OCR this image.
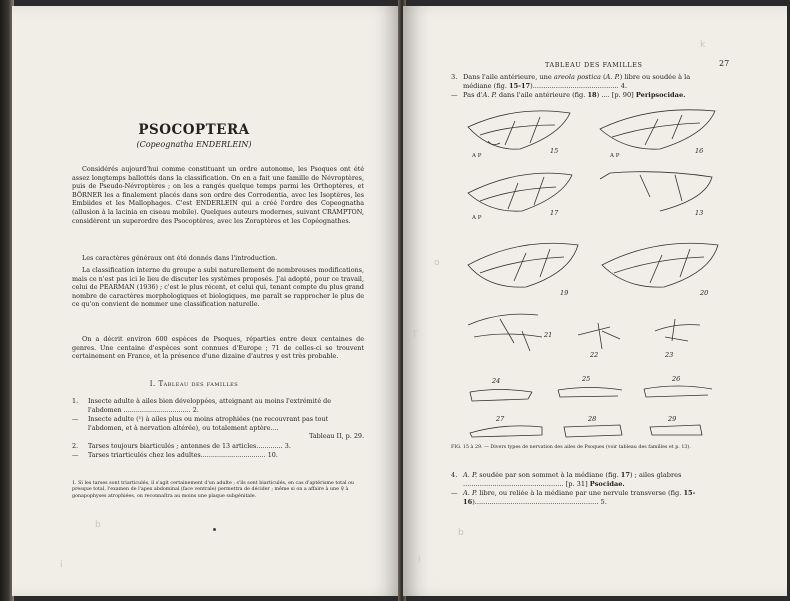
PSOCOPTERA
(Copeognatha ENDERLEIN)
Considérés aujourd'hui comme constituant un ordre autonome, les Psoques ont été assez longtemps ballottés dans la classification. On en a fait une famille de Névroptères, puis de Pseudo-Névroptères ; on les a rangés quelque temps parmi les Orthoptères, et BÖRNER les a finalement placés dans son ordre des Corrodentia, avec les Isoptères, les Embiides et les Mallophages. C'est ENDERLEIN qui a créé l'ordre des Copeognatha (allusion à la lacinia en ciseau mobile). Quelques auteurs modernes, suivant CRAMPTON, considèrent un superordre des Psocoptères, avec les Zoraptères et les Copéognathes.
Les caractères généraux ont été donnés dans l'introduction.
La classification interne du groupe a subi naturellement de nombreuses modifications, mais ce n'est pas ici le lieu de discuter les systèmes proposés. J'ai adopté, pour ce travail, celui de PEARMAN (1936) ; c'est le plus récent, et celui qui, tenant compte du plus grand nombre de caractères morphologiques et biologiques, me paraît se rapprocher le plus de ce qu'on convient de nommer une classification naturelle.
On a décrit environ 600 espèces de Psoques, réparties entre deux centaines de genres. Une centaine d'espèces sont connues d'Europe ; 71 de celles-ci se trouvent certainement en France, et la présence d'une dizaine d'autres y est très probable.
I. Tableau des familles
1.	Insecte adulte à ailes bien développées, atteignant au moins l'extrémité de l'abdomen ................................. 2.
—	Insecte adulte (¹) à ailes plus ou moins atrophiées (ne recouvrant pas tout l'abdomen, et à nervation altérée), ou totalement aptère....

Tableau II, p. 29.
2.	Tarses toujours biarticulés ; antennes de 13 articles............. 3.
—	Tarses triarticulés chez les adultes................................ 10.
1. Si les tarses sont triarticulés, il s'agit certainement d'un adulte ; s'ils sont biarticulés, en cas d'aptérisme total ou presque total, l'examen de l'apex abdominal (face ventrale) permettra de décider ; même si on a affaire à une ♀ à gonapophyses atrophiées, on reconnaîtra au moins une plaque subgénitale.
TABLEAU DES FAMILLES	27
3. Dans l'aile antérieure, une areola postica (A. P.) libre ou soudée à la médiane (fig. 15-17)......................................... 4.
— Pas d'A. P. dans l'aile antérieure (fig. 18) .... [p. 90] Peripsocidae.
15	16
17	13
19	20
21
22	23
24	25	26
27	28	29
A P	A P
A P
FIG. 15 à 29. — Divers types de nervation des ailes de Psoques (voir tableau des familles et p. 13).
4. A. P. soudée par son sommet à la médiane (fig. 17) ; ailes glabres ................................................ [p. 31] Psocidae.
— A. P. libre, ou reliée à la médiane par une nervule transverse (fig. 15-16)........................................................... 5.
k
i
b
T
o
i
b
